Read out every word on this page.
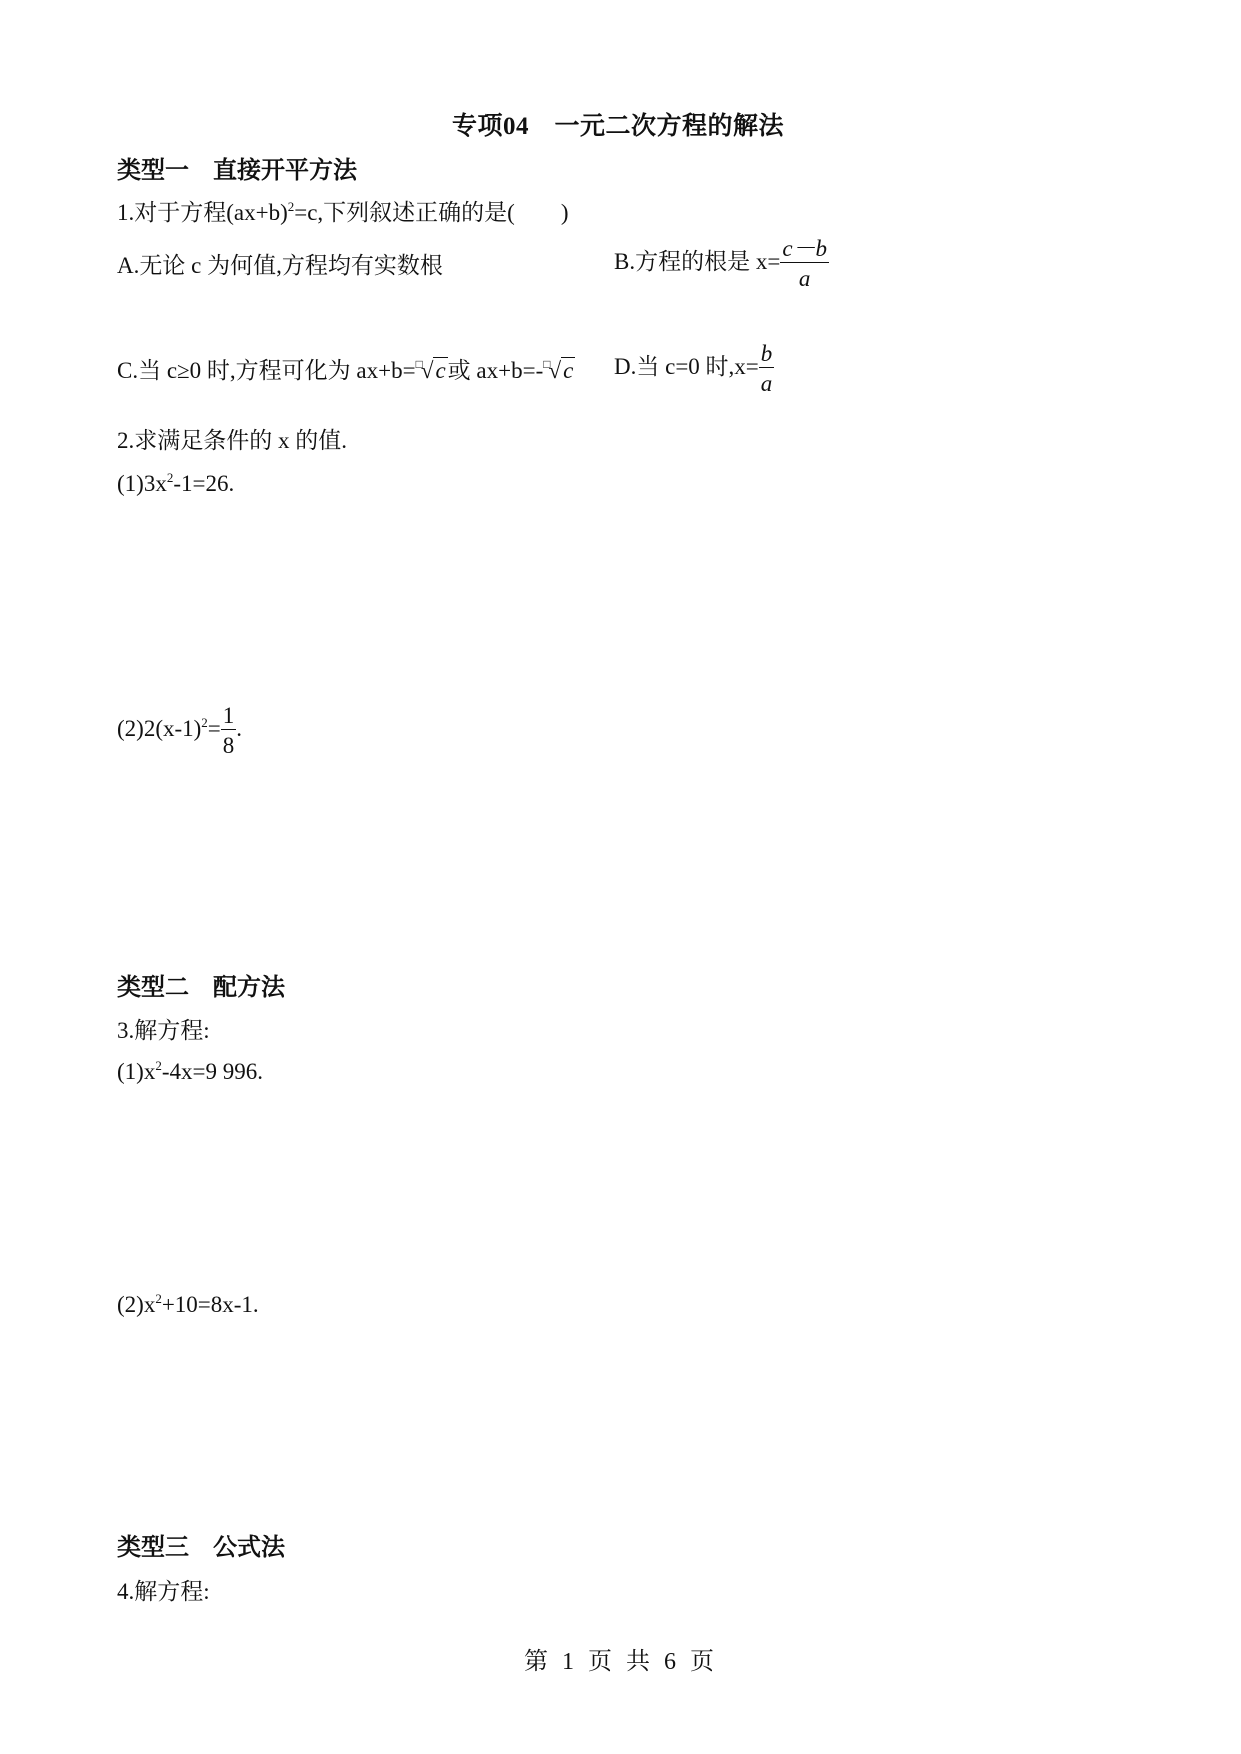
专项04　一元二次方程的解法
类型一　直接开平方法
1.对于方程$(ax+b)^2=c$,下列叙述正确的是(　　)
A.无论 c 为何值,方程均有实数根	B.方程的根是 $x= \frac{c-b}{a}$
C.当 c≥0 时,方程可化为 ax+b=□√c或 ax+b=-□√c D.当 c=0 时$,x= \frac{b}{a}$
2.求满足条件的 x 的值.
$(1)3x^2-1=26$.
$(2)2(x-1)^2= \frac{1}{8}$ .
类型二　配方法
3.解方程:
$(1)x^2-4x=9$ 996.
$(2)x^2+10=8x-1$.
类型三　公式法
4.解方程:
第 1 页 共 6 页
